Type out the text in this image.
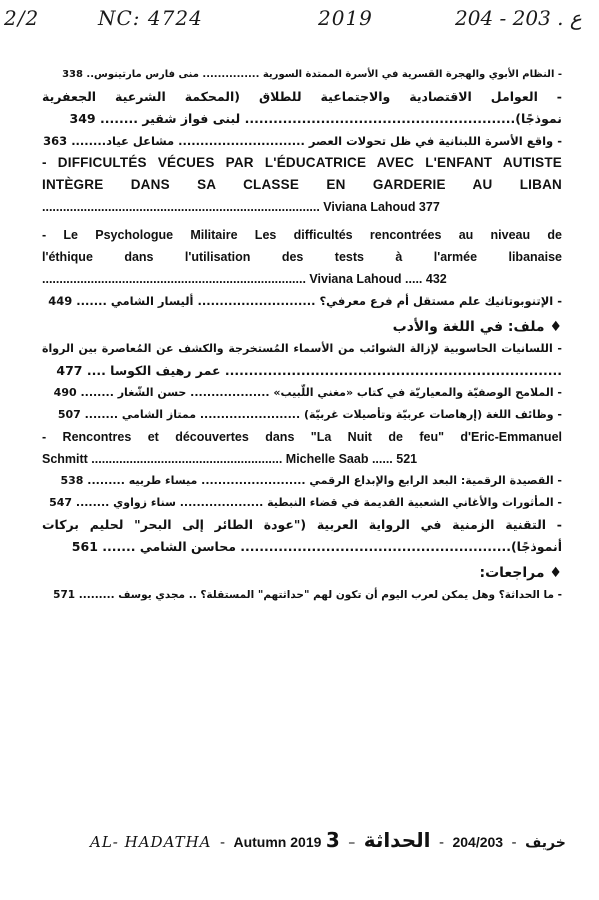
2/2	NC: 4724	2019	204 - 203 . ع
- النظام الأبوي والهجرة القسرية في الأسرة الممتدة السورية ............... منى فارس مارتينوس.. 338
- العوامل الاقتصادية والاجتماعية للطلاق (المحكمة الشرعية الجعفرية
نموذجًا)......................................................... لبنى فواز شقير ........ 349
- واقع الأسرة اللبنانية في ظل تحولات العصر ............................. مشاعل عياد........ 363
- DIFFICULTÉS VÉCUES PAR L'ÉDUCATRICE AVEC L'ENFANT AUTISTE
INTÈGRE DANS SA CLASSE EN GARDERIE AU LIBAN
................................................................................ Viviana Lahoud 377
- Le Psychologue Militaire Les difficultés rencontrées au niveau de
l'éthique dans l'utilisation des tests à l'armée libanaise
............................................................................ Viviana Lahoud ..... 432
- الإتنوبوتانيك علم مستقل أم فرع معرفي؟ ........................... أليسار الشامي ....... 449
♦ ملف: في اللغة والأدب
- اللسانيات الحاسوبية لإزالة الشوائب من الأسماء المُستخرجة والكشف عن المُعاصرة بين الرواة
....................................................................... عمر رهيف الكوسا .... 477
- الملامح الوصفيّة والمعياريّة في كتاب «مغني اللّبيب» ................... حسن الشّغار ........ 490
- وظائف اللغة (إرهاصات عربيّة وتأصيلات غربيّة) ........................ ممتاز الشامي ........ 507
- Rencontres et découvertes dans "La Nuit de feu" d'Eric-Emmanuel
Schmitt ....................................................... Michelle Saab ...... 521
- القصيدة الرقمية: البعد الرابع والإبداع الرقمي ......................... ميساء طربيه ......... 538
- المأثورات والأغاني الشعبية القديمة في قضاء النبطية .................... سناء زواوي ........ 547
- التقنية الزمنية في الرواية العربية ("عودة الطائر إلى البحر" لحليم بركات
أنموذجًا)......................................................... محاسن الشامي ....... 561
♦ مراجعات:
- ما الحداثة؟ وهل يمكن لعرب اليوم أن تكون لهم "حداثتهم" المستقلة؟ .. مجدي يوسف ......... 571
AL- HADATHA - Autumn 2019	خريف - 204/203 - الحداثة – 3
